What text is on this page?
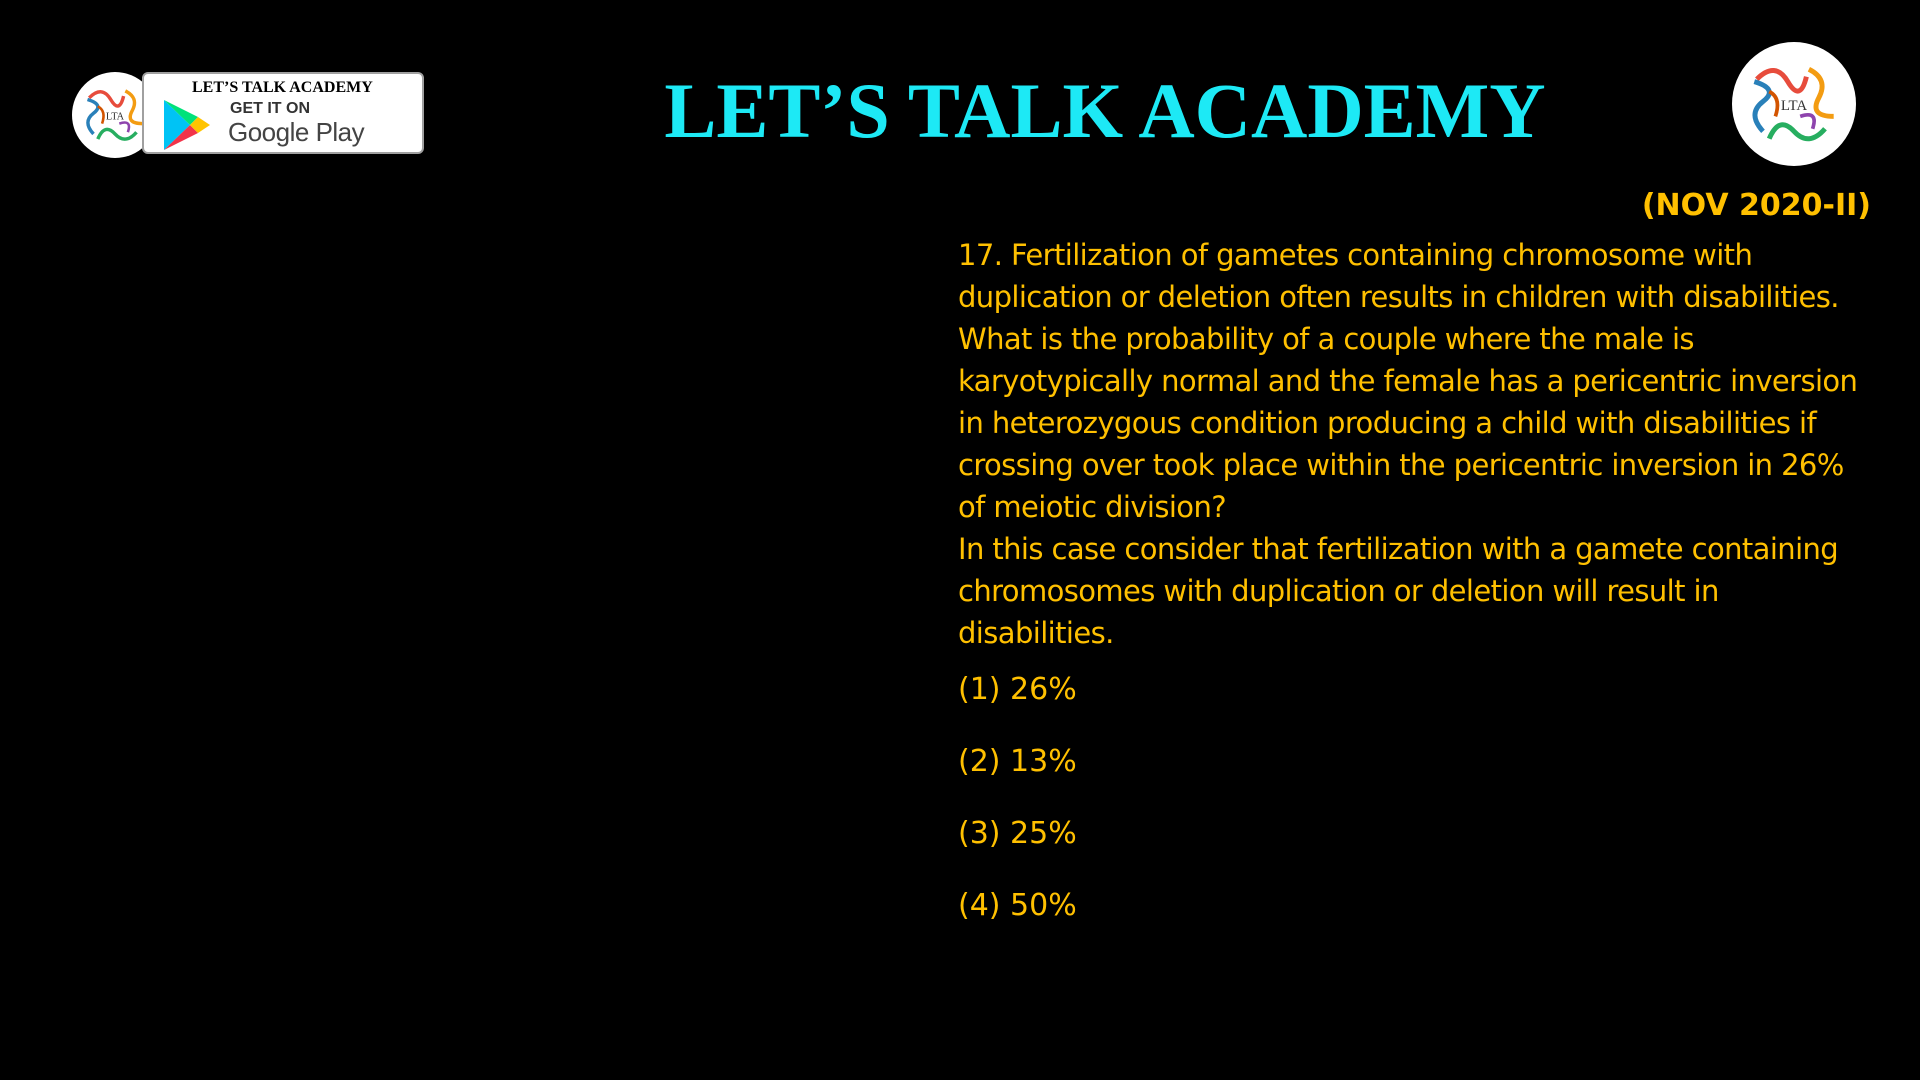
LTA
LET’S TALK ACADEMY
GET IT ON
Google Play	LET’S TALK ACADEMY	LTA
(NOV 2020-II)

17. Fertilization of gametes containing chromosome with duplication or deletion often results in children with disabilities. What is the probability of a couple where the male is karyotypically normal and the female has a pericentric inversion in heterozygous condition producing a child with disabilities if crossing over took place within the pericentric inversion in 26% of meiotic division?

In this case consider that fertilization with a gamete containing chromosomes with duplication or deletion will result in disabilities.

(1) 26%
(2) 13%
(3) 25%
(4) 50%
